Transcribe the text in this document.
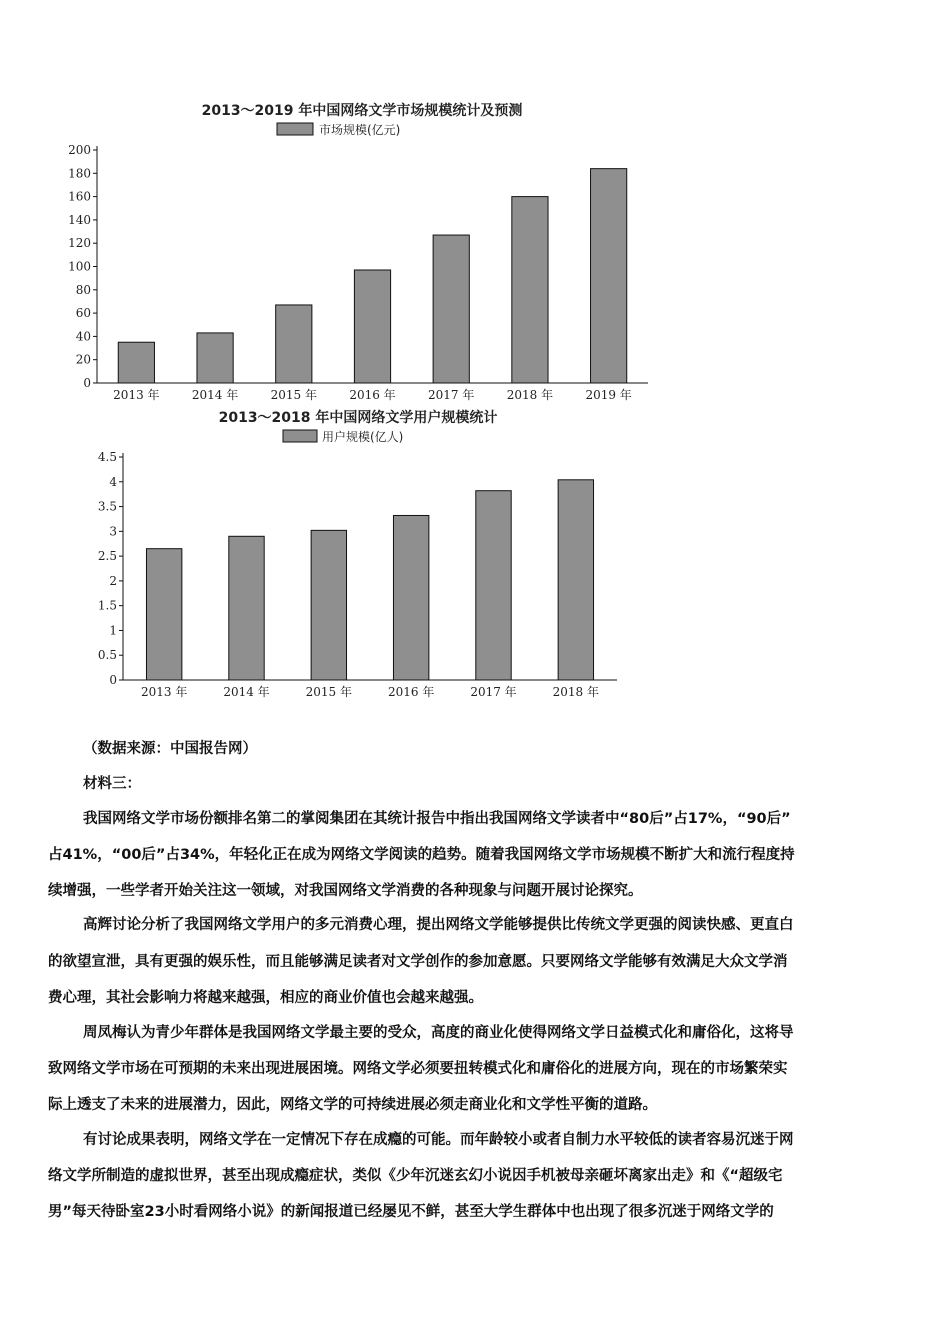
2013～2019 年中国网络文学市场规模统计及预测
市场规模(亿元)
0
20
40
60
80
100
120
140
160
180
200
2013 年	2014 年	2015 年	2016 年	2017 年	2018 年	2019 年
2013～2018 年中国网络文学用户规模统计
用户规模(亿人)
0
0.5
1
1.5
2
2.5
3
3.5
4
4.5
2013 年	2014 年	2015 年	2016 年	2017 年	2018 年
（数据来源：中国报告网）
材料三：
我国网络文学市场份额排名第二的掌阅集团在其统计报告中指出我国网络文学读者中“80后”占17%，“90后”
占41%，“00后”占34%，年轻化正在成为网络文学阅读的趋势。随着我国网络文学市场规模不断扩大和流行程度持
续增强，一些学者开始关注这一领域，对我国网络文学消费的各种现象与问题开展讨论探究。
高辉讨论分析了我国网络文学用户的多元消费心理，提出网络文学能够提供比传统文学更强的阅读快感、更直白
的欲望宣泄，具有更强的娱乐性，而且能够满足读者对文学创作的参加意愿。只要网络文学能够有效满足大众文学消
费心理，其社会影响力将越来越强，相应的商业价值也会越来越强。
周凤梅认为青少年群体是我国网络文学最主要的受众，高度的商业化使得网络文学日益模式化和庸俗化，这将导
致网络文学市场在可预期的未来出现进展困境。网络文学必须要扭转模式化和庸俗化的进展方向，现在的市场繁荣实
际上透支了未来的进展潜力，因此，网络文学的可持续进展必须走商业化和文学性平衡的道路。
有讨论成果表明，网络文学在一定情况下存在成瘾的可能。而年龄较小或者自制力水平较低的读者容易沉迷于网
络文学所制造的虚拟世界，甚至出现成瘾症状，类似《少年沉迷玄幻小说因手机被母亲砸坏离家出走》和《“超级宅
男”每天待卧室23小时看网络小说》的新闻报道已经屡见不鲜，甚至大学生群体中也出现了很多沉迷于网络文学的
